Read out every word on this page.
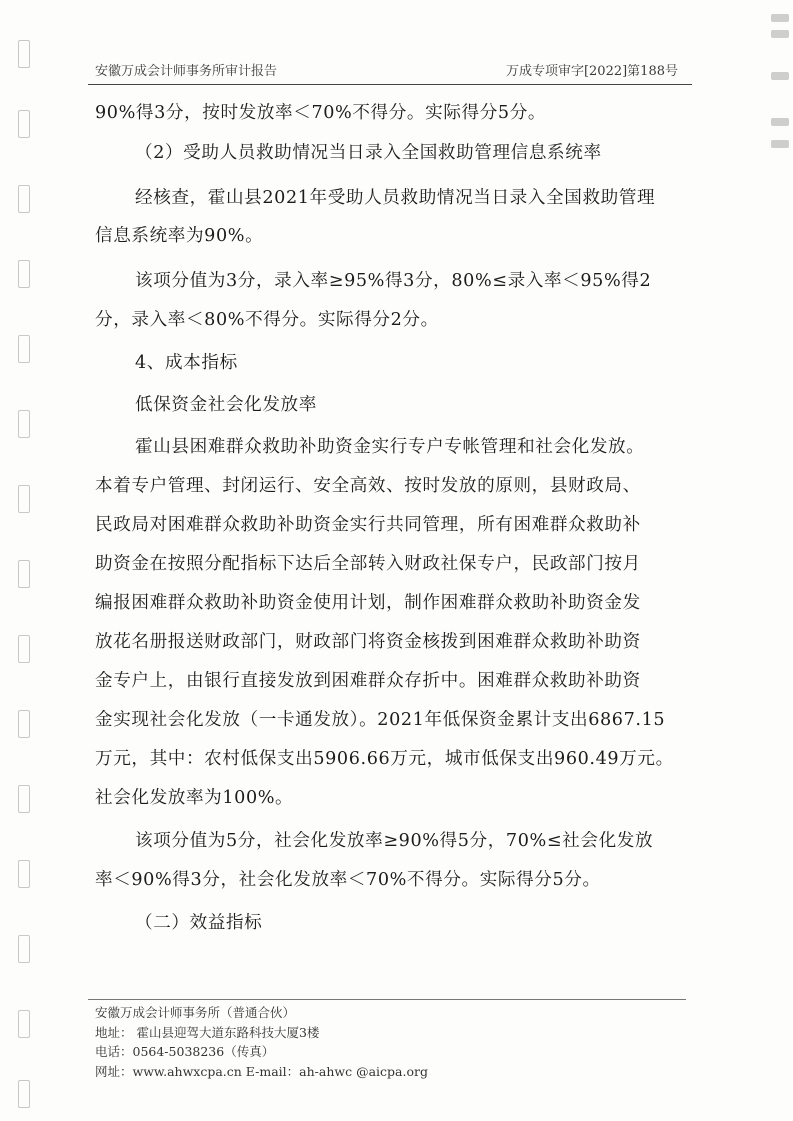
安徽万成会计师事务所审计报告	万成专项审字[2022]第188号
90%得3分，按时发放率＜70%不得分。实际得分5分。
（2）受助人员救助情况当日录入全国救助管理信息系统率
经核查，霍山县2021年受助人员救助情况当日录入全国救助管理
信息系统率为90%。
该项分值为3分，录入率≥95%得3分，80%≤录入率＜95%得2
分，录入率＜80%不得分。实际得分2分。
4、成本指标
低保资金社会化发放率
霍山县困难群众救助补助资金实行专户专帐管理和社会化发放。
本着专户管理、封闭运行、安全高效、按时发放的原则，县财政局、
民政局对困难群众救助补助资金实行共同管理，所有困难群众救助补
助资金在按照分配指标下达后全部转入财政社保专户，民政部门按月
编报困难群众救助补助资金使用计划，制作困难群众救助补助资金发
放花名册报送财政部门，财政部门将资金核拨到困难群众救助补助资
金专户上，由银行直接发放到困难群众存折中。困难群众救助补助资
金实现社会化发放（一卡通发放）。2021年低保资金累计支出6867.15
万元，其中：农村低保支出5906.66万元，城市低保支出960.49万元。
社会化发放率为100%。
该项分值为5分，社会化发放率≥90%得5分，70%≤社会化发放
率＜90%得3分，社会化发放率＜70%不得分。实际得分5分。
（二）效益指标
安徽万成会计师事务所（普通合伙）
地址： 霍山县迎驾大道东路科技大厦3楼
电话：0564-5038236（传真）
网址：www.ahwxcpa.cn E-mail：ah-ahwc @aicpa.org
